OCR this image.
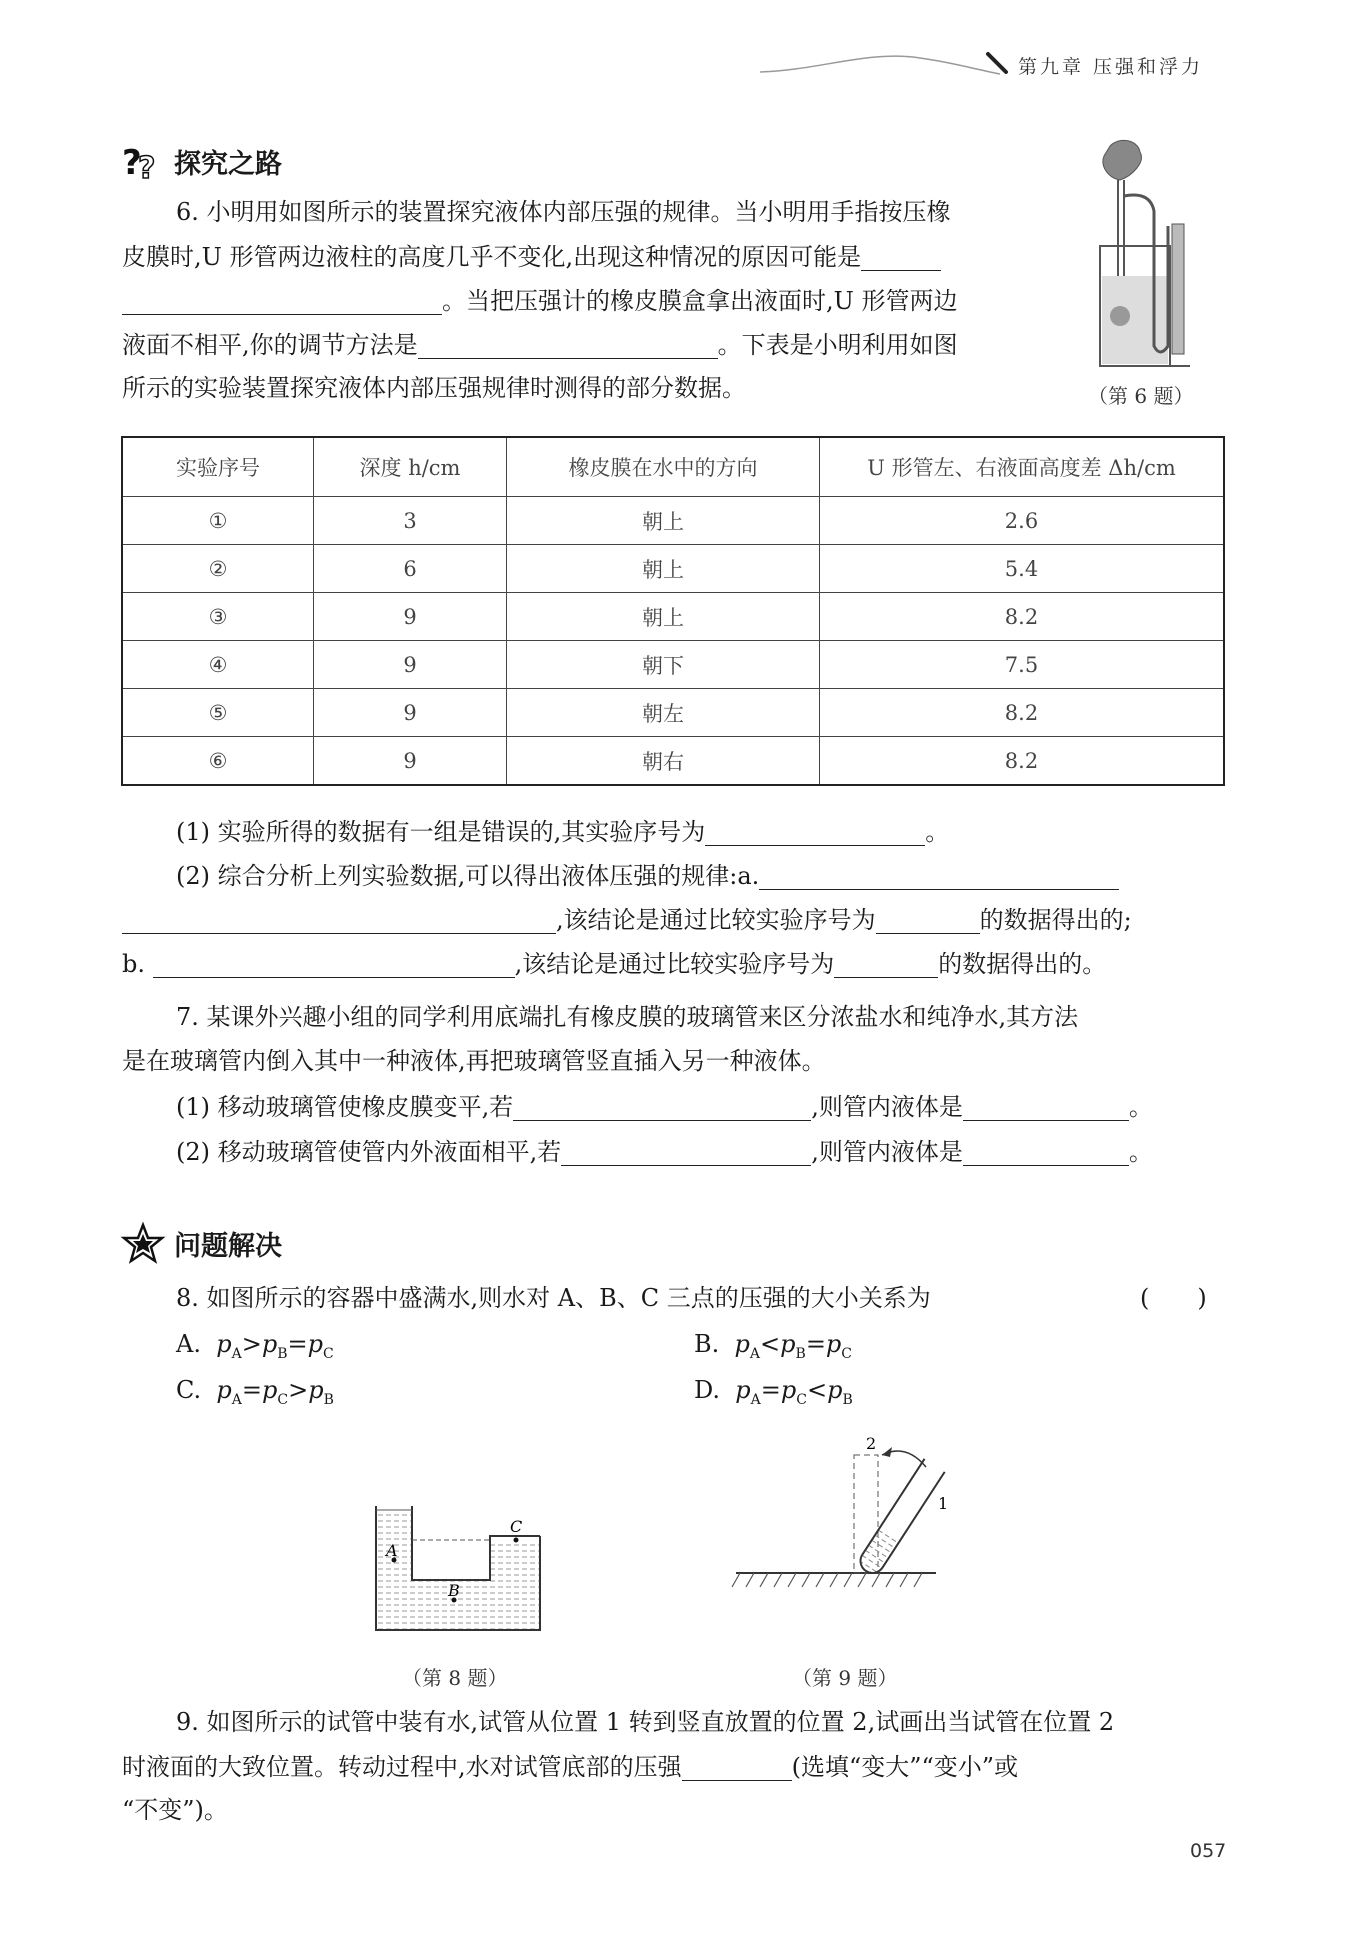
第九章 压强和浮力
?
? 探究之路
6. 小明用如图所示的装置探究液体内部压强的规律。当小明用手指按压橡
皮膜时,U 形管两边液柱的高度几乎不变化,出现这种情况的原因可能是
。当把压强计的橡皮膜盒拿出液面时,U 形管两边
液面不相平,你的调节方法是	。下表是小明利用如图
所示的实验装置探究液体内部压强规律时测得的部分数据。	（第 6 题）
实验序号	深度 h/cm	橡皮膜在水中的方向	U 形管左、右液面高度差 Δh/cm
①	3	朝上	2.6
②	6	朝上	5.4
③	9	朝上	8.2
④	9	朝下	7.5
⑤	9	朝左	8.2
⑥	9	朝右	8.2
(1) 实验所得的数据有一组是错误的,其实验序号为	。
(2) 综合分析上列实验数据,可以得出液体压强的规律:a.
,该结论是通过比较实验序号为	的数据得出的;
b.	,该结论是通过比较实验序号为	的数据得出的。
7. 某课外兴趣小组的同学利用底端扎有橡皮膜的玻璃管来区分浓盐水和纯净水,其方法
是在玻璃管内倒入其中一种液体,再把玻璃管竖直插入另一种液体。
(1) 移动玻璃管使橡皮膜变平,若	,则管内液体是	。
(2) 移动玻璃管使管内外液面相平,若	,则管内液体是	。
问题解决
8. 如图所示的容器中盛满水,则水对 A、B、C 三点的压强的大小关系为	(　　)
A. $p_A>p_B=p_C$	B. $p_A<p_B=p_C$
C. $p_A=p_C>p_B$	D. $p_A=p_C<p_B$
A
B
C
（第 8 题）
2
1
（第 9 题）
9. 如图所示的试管中装有水,试管从位置 1 转到竖直放置的位置 2,试画出当试管在位置 2
时液面的大致位置。转动过程中,水对试管底部的压强	(选填“变大”“变小”或
“不变”)。
057
